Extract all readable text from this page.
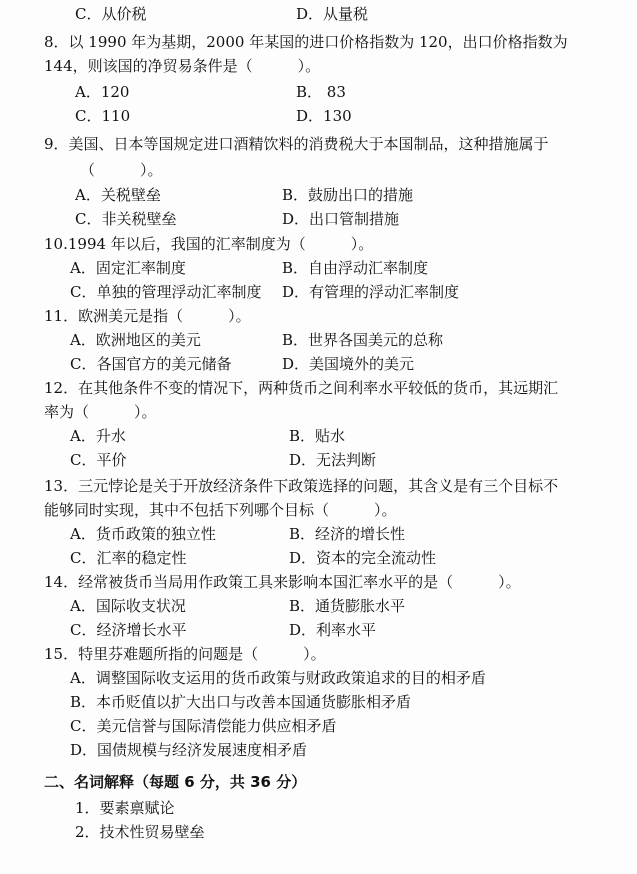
C．从价税	D．从量税
8．以 1990 年为基期，2000 年某国的进口价格指数为 120，出口价格指数为
144，则该国的净贸易条件是（　　　）。
A．120	B． 83
C．110	D．130
9．美国、日本等国规定进口酒精饮料的消费税大于本国制品，这种措施属于
（　　　）。
A．关税壁垒	B．鼓励出口的措施
C．非关税壁垒	D．出口管制措施
10.1994 年以后，我国的汇率制度为（　　　）。
A．固定汇率制度	B．自由浮动汇率制度
C．单独的管理浮动汇率制度 D．有管理的浮动汇率制度
11．欧洲美元是指（　　　）。
A．欧洲地区的美元	B．世界各国美元的总称
C．各国官方的美元储备	D．美国境外的美元
12．在其他条件不变的情况下，两种货币之间利率水平较低的货币，其远期汇
率为（　　　）。
A．升水	B．贴水
C．平价	D．无法判断
13．三元悖论是关于开放经济条件下政策选择的问题，其含义是有三个目标不
能够同时实现，其中不包括下列哪个目标（　　　）。
A．货币政策的独立性	B．经济的增长性
C．汇率的稳定性	D．资本的完全流动性
14．经常被货币当局用作政策工具来影响本国汇率水平的是（　　　）。
A．国际收支状况	B．通货膨胀水平
C．经济增长水平	D．利率水平
15．特里芬难题所指的问题是（　　　）。
A．调整国际收支运用的货币政策与财政政策追求的目的相矛盾
B．本币贬值以扩大出口与改善本国通货膨胀相矛盾
C．美元信誉与国际清偿能力供应相矛盾
D．国债规模与经济发展速度相矛盾
二、名词解释（每题 6 分，共 36 分）
1．要素禀赋论
2．技术性贸易壁垒
